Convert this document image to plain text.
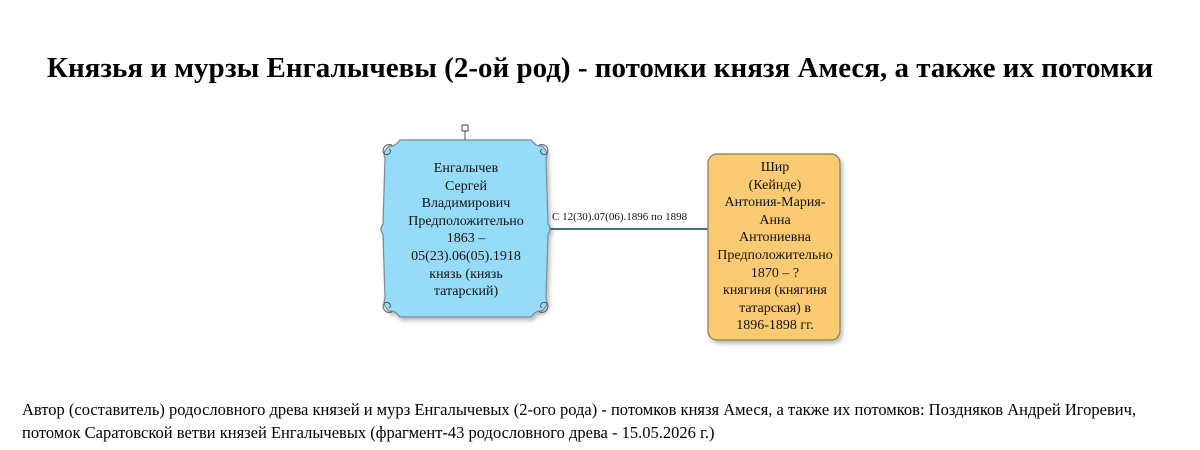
Князья и мурзы Енгалычевы (2-ой род) - потомки князя Амеся, а также их потомки
Енгалычев
Сергей
Владимирович
Предположительно
1863 –
05(23).06(05).1918
князь (князь
татарский)
Шир
(Кейнде)
Антония-Мария-
Анна
Антониевна
Предположительно
1870 – ?
княгиня (княгиня
татарская) в
1896-1898 гг.
С 12(30).07(06).1896 по 1898

Автор (составитель) родословного древа князей и мурз Енгалычевых (2-ого рода) - потомков князя Амеся, а также их потомков: Поздняков Андрей Игоревич, потомок Саратовской ветви князей Енгалычевых (фрагмент-43 родословного древа - 15.05.2026 г.)
